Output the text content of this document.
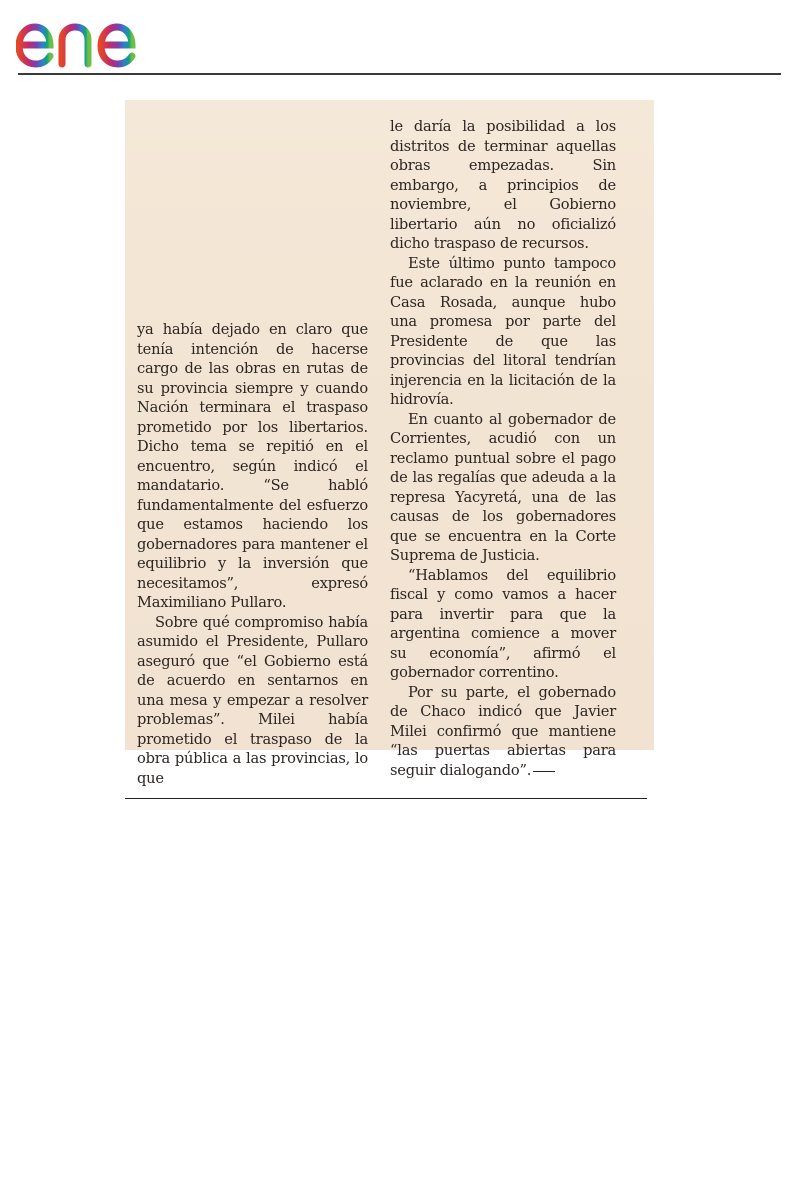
ya había dejado en claro que tenía intención de hacerse cargo de las obras en rutas de su provincia siempre y cuando Nación terminara el traspaso prometido por los libertarios. Dicho tema se repitió en el encuentro, según indicó el mandatario. “Se habló fundamentalmente del esfuerzo que estamos haciendo los gobernadores para mantener el equilibrio y la inversión que necesitamos”, expresó Maximiliano Pullaro.

Sobre qué compromiso había asumido el Presidente, Pullaro aseguró que “el Gobierno está de acuerdo en sentarnos en una mesa y empezar a resolver problemas”. Milei había prometido el traspaso de la obra pública a las provincias, lo que

le daría la posibilidad a los distritos de terminar aquellas obras empezadas. Sin embargo, a principios de noviembre, el Gobierno libertario aún no oficializó dicho traspaso de recursos.

Este último punto tampoco fue aclarado en la reunión en Casa Rosada, aunque hubo una promesa por parte del Presidente de que las provincias del litoral tendrían injerencia en la licitación de la hidrovía.

En cuanto al gobernador de Corrientes, acudió con un reclamo puntual sobre el pago de las regalías que adeuda a la represa Yacyretá, una de las causas de los gobernadores que se encuentra en la Corte Suprema de Justicia.

“Hablamos del equilibrio fiscal y como vamos a hacer para invertir para que la argentina comience a mover su economía”, afirmó el gobernador correntino.

Por su parte, el gobernado de Chaco indicó que Javier Milei confirmó que mantiene “las puertas abiertas para seguir dialogando”.
